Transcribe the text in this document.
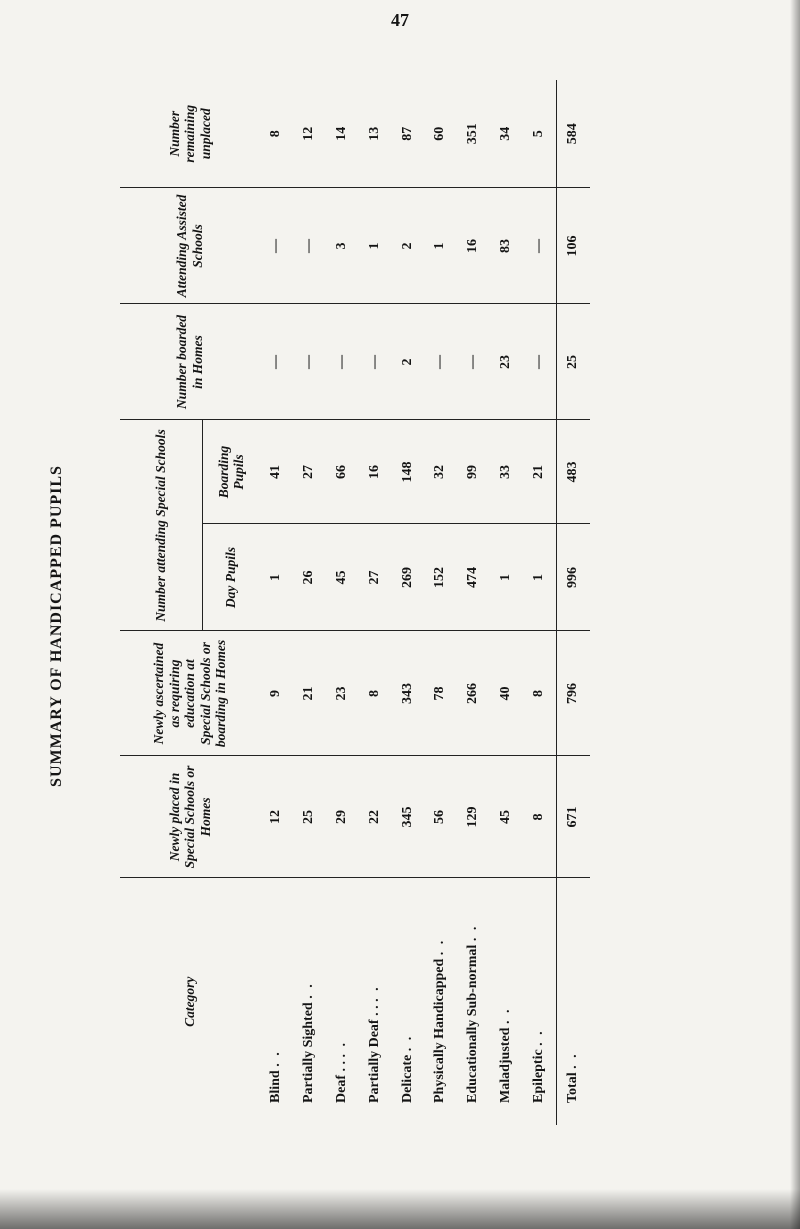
47
SUMMARY OF HANDICAPPED PUPILS
Category	Newly placed in Special Schools or Homes	Newly ascertained as requiring education at Special Schools or boarding in Homes	Number attending Special Schools		Number boarded in Homes	Attending Assisted Schools	Number remaining unplaced
			Day Pupils	Boarding Pupils			
Blind . .	12	9	1	41	—	—	8
Partially Sighted . .	25	21	26	27	—	—	12
Deaf . . . .	29	23	45	66	—	3	14
Partially Deaf . . . .	22	8	27	16	—	1	13
Delicate . .	345	343	269	148	2	2	87
Physically Handicapped . .	56	78	152	32	—	1	60
Educationally Sub-normal . .	129	266	474	99	—	16	351
Maladjusted . .	45	40	1	33	23	83	34
Epileptic . .	8	8	1	21	—	—	5
Total . .	671	796	996	483	25	106	584
